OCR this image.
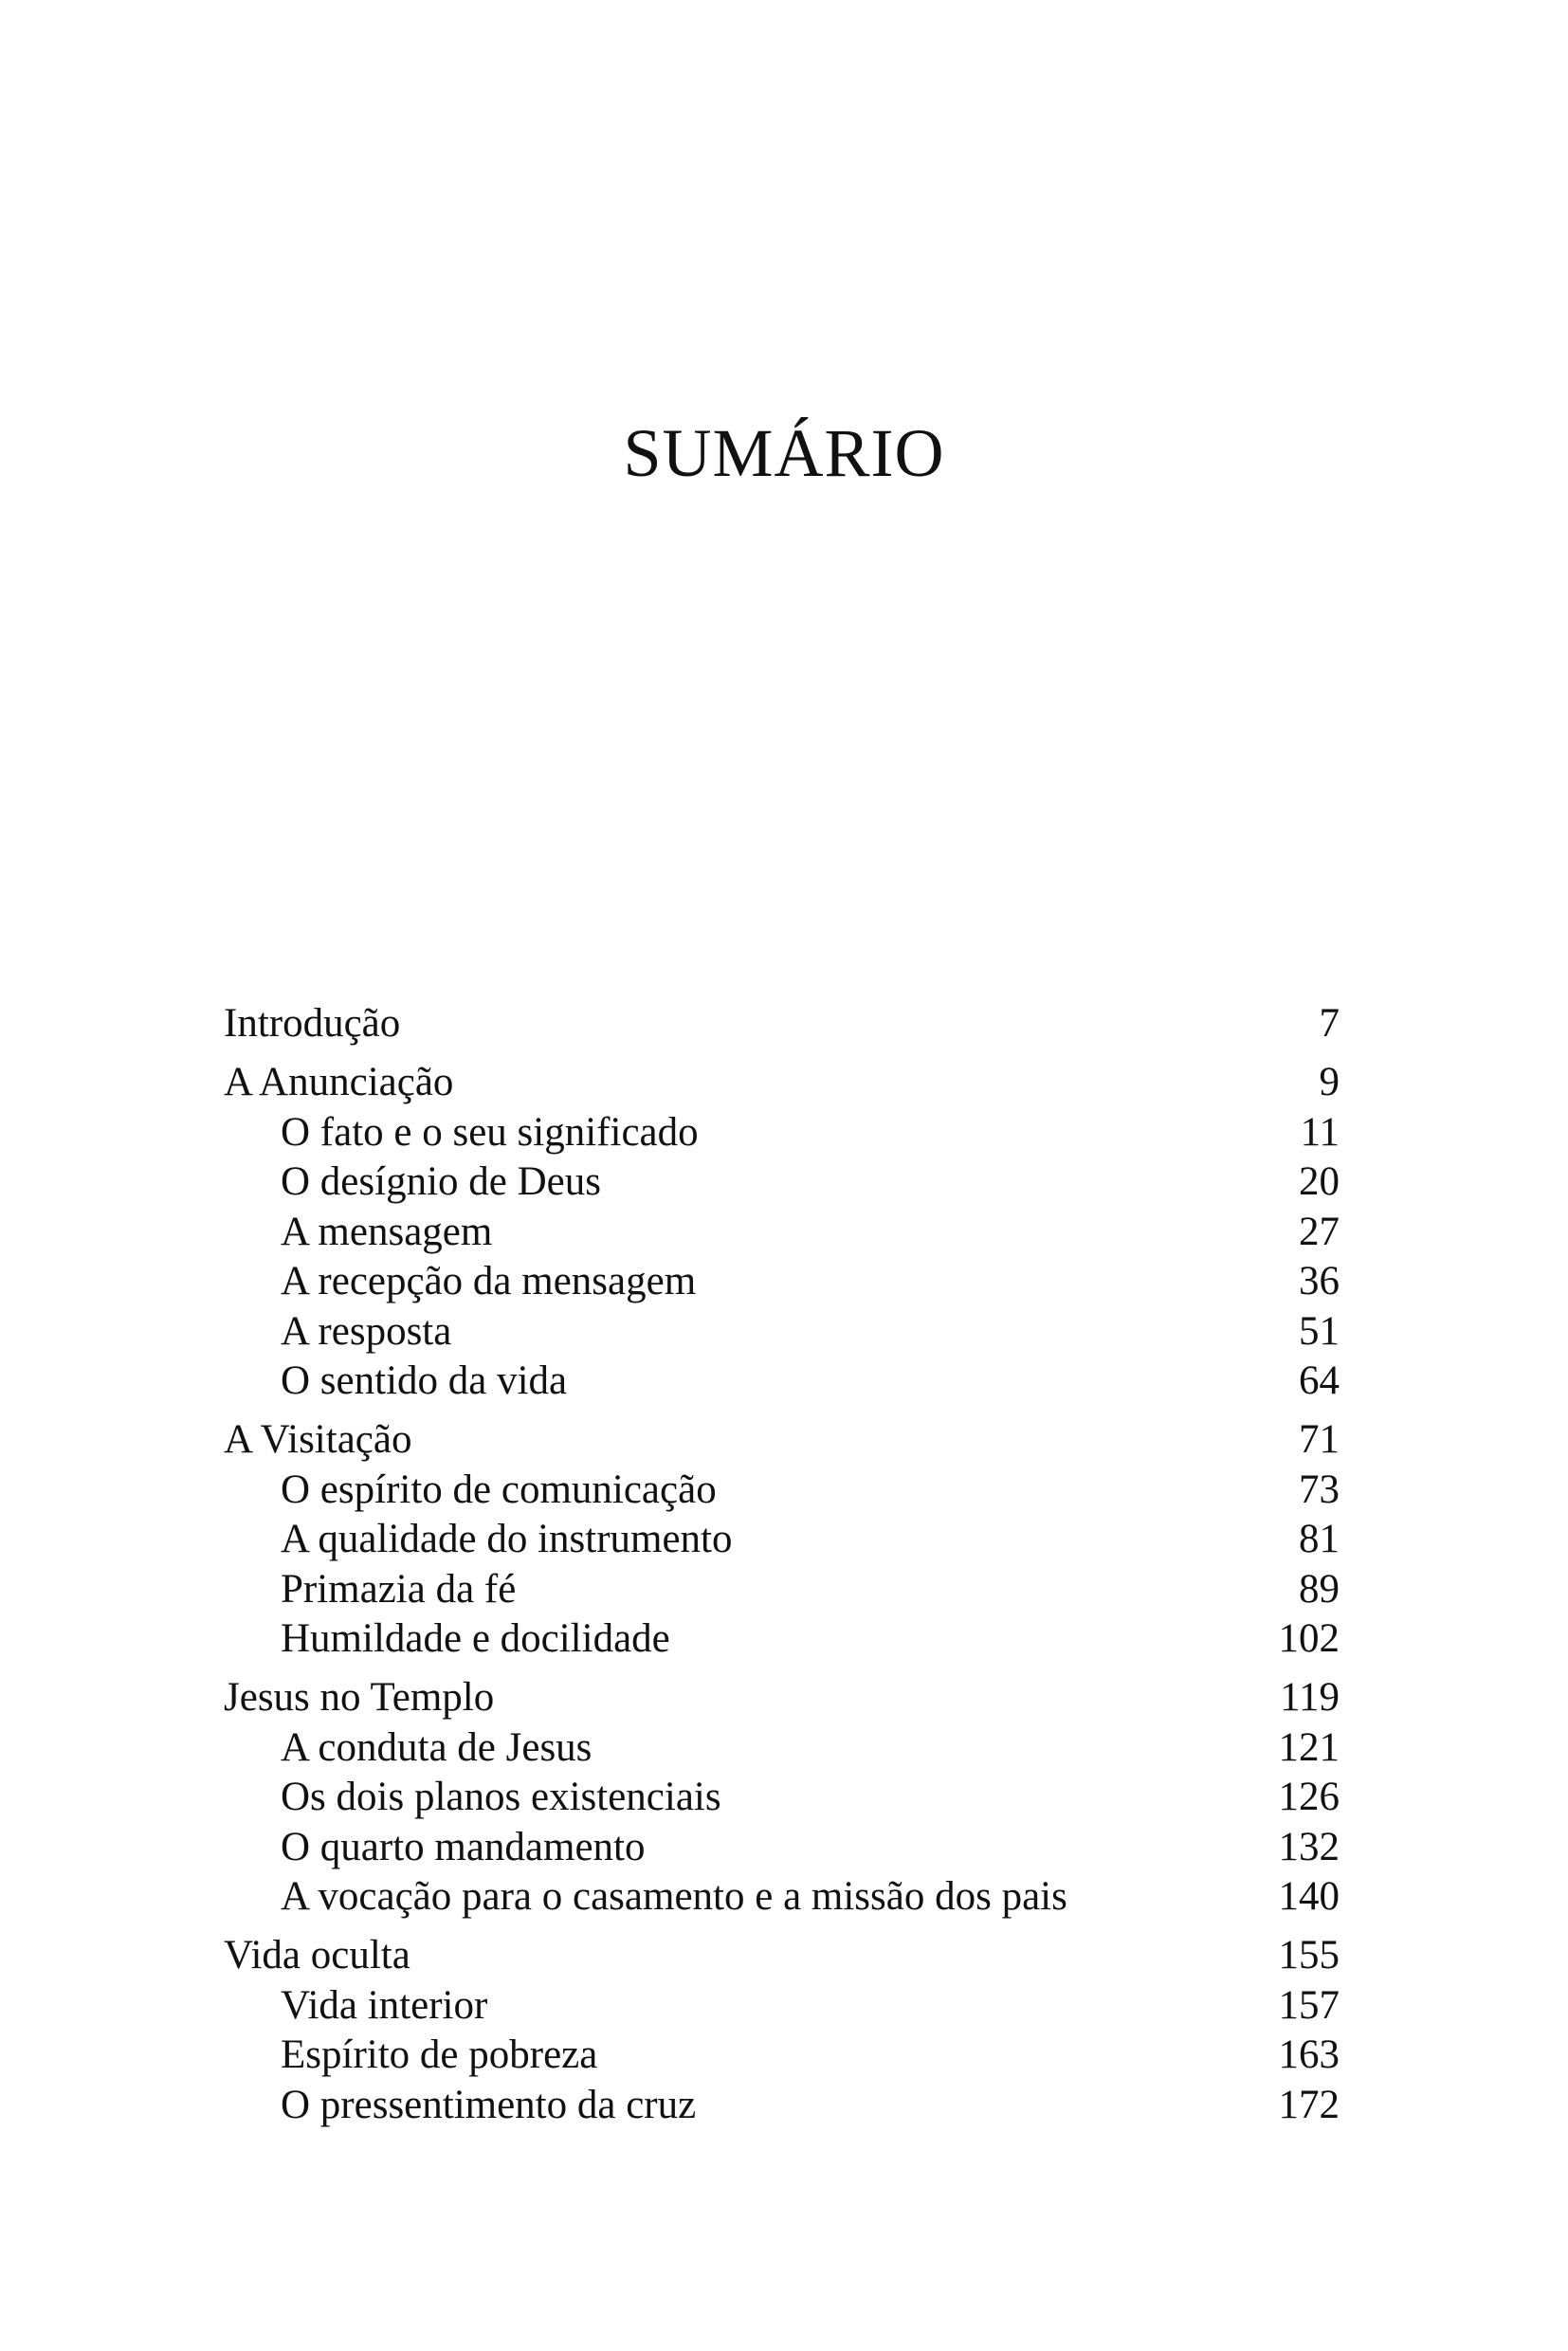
SUMÁRIO
Introdução	7
A Anunciação	9
O fato e o seu significado	11
O desígnio de Deus	20
A mensagem	27
A recepção da mensagem	36
A resposta	51
O sentido da vida	64
A Visitação	71
O espírito de comunicação	73
A qualidade do instrumento	81
Primazia da fé	89
Humildade e docilidade	102
Jesus no Templo	119
A conduta de Jesus	121
Os dois planos existenciais	126
O quarto mandamento	132
A vocação para o casamento e a missão dos pais	140
Vida oculta	155
Vida interior	157
Espírito de pobreza	163
O pressentimento da cruz	172
